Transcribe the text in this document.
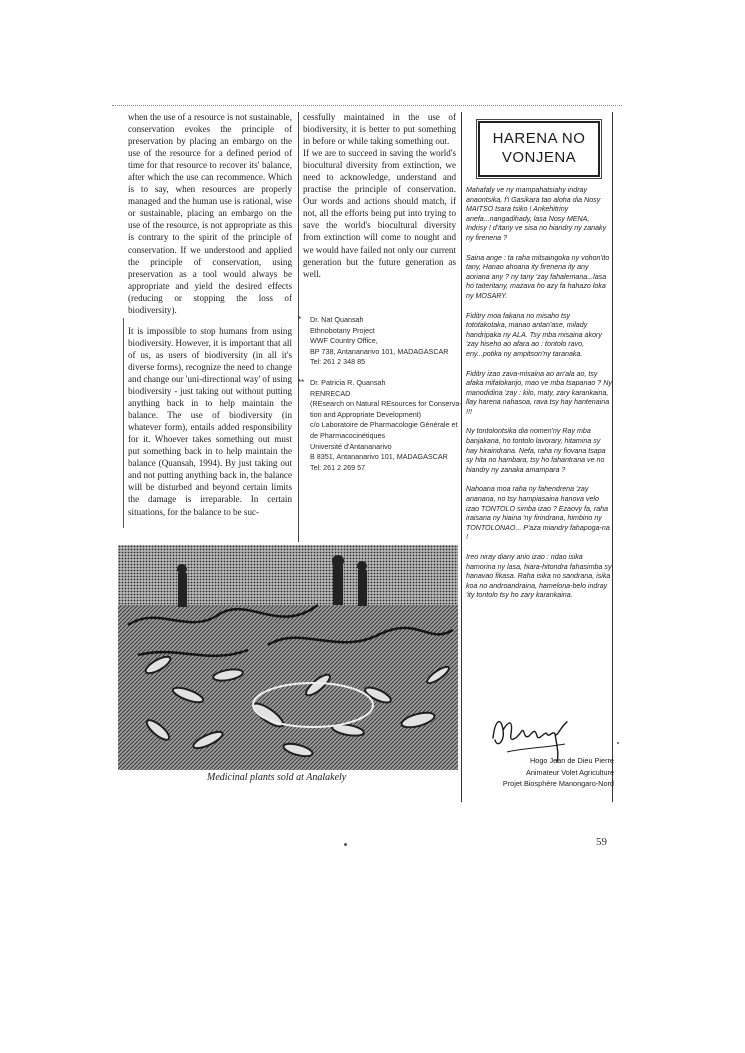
when the use of a resource is not sustainable, conservation evokes the principle of preservation by placing an embargo on the use of the resource for a defined period of time for that resource to recover its' balance, after which the use can recommence. Which is to say, when resources are properly managed and the human use is rational, wise or sustainable, placing an embargo on the use of the resource, is not appropriate as this is contrary to the spirit of the principle of conservation. If we understood and applied the principle of conservation, using preservation as a tool would always be appropriate and yield the desired effects (reducing or stopping the loss of biodiversity).

It is impossible to stop humans from using biodiversity. However, it is important that all of us, as users of biodiversity (in all it's diverse forms), recognize the need to change and change our 'uni-directional way' of using biodiversity - just taking out without putting anything back in to help maintain the balance. The use of biodiversity (in whatever form), entails added responsibility for it. Whoever takes something out must put something back in to help maintain the balance (Quansah, 1994). By just taking out and not putting anything back in, the balance will be disturbed and beyond certain limits the damage is irreparable. In certain situations, for the balance to be suc-

cessfully maintained in the use of biodiversity, it is better to put something in before or while taking something out.

If we are to succeed in saving the world's biocultural diversity from extinction, we need to acknowledge, understand and practise the principle of conservation. Our words and actions should match, if not, all the efforts being put into trying to save the world's biocultural diversity from extinction will come to nought and we would have failed not only our current generation but the future generation as well.

* Dr. Nat Quansah
Ethnobotany Project
WWF Country Office,
BP 738, Antananarivo 101, MADAGASCAR
Tel: 261 2 348 85
** Dr. Patricia R. Quansah
RENRECAD
(REsearch on Natural REsources for Conserva-
tion and Appropriate Development)
c/o Laboratoire de Pharmacologie Générale et
de Pharmacocinétiques
Université d'Antananarivo
B 8351, Antananarivo 101, MADAGASCAR
Tel: 261 2 269 57
HARENA NO
VONJENA

Mahafaly ve ny mampahatsiahy indray anaontsika, f'i Gasikara tao aloha dia Nosy MAITSO tsara tsiko ! Ankehitriny anefa...nangadihady, lasa Nosy MENA, Indrisy ! d'itany ve sisa no hiandry ny zanaky ny firenena ?

Saina ange : ta raha mitsaingoka ny vohon'ito tany, Hanao ahoana ity firenena ity any aoriana any ? ny tany 'zay fahalemana...lasa ho taiteritany, mazava ho azy fa hahazo loka ny MOSARY.

Fiditry moa fakana no misaho tsy tototakotaka, manao antan'ase, milady handripaka ny ALA. Tsy mba misaina akory 'zay hiseho ao afara ao : tontolo ravo, eny...potika ny ampitson'ny taranaka.

Fiditry izao zava-misaina ao an'ala ao, tsy afaka mifalokanjo, mao ve mba tsapanao ? Ny manodidina 'zay : kilo, maty, zary karankaina, llay harena nahasoa, rava tsy hay hantenaina !!!

Ny tontolontsika dia nomen'ny Ray mba banjakana, ho tontolo lavorary, hitamina sy hay hiraindrana. Nefa, raha ny fiovana tsapa sy hita no hambara, tsy ho fahantrana ve no hiandry ny zanaka amampara ?

Nahoana moa raha ny fahendrena 'zay ananana, no tsy hampiasaina hanova velo izao TONTOLO simba izao ? Ezaovy fa, raha iraisana ny hiaina 'ny firindrana, himbino ny TONTOLONAO... P'aza miandry fahapoga-na !

Ireo niray diany anio izao : ndao isika hamorina ny lasa, hiara-hitondra fahasimba sy hanavao fikasa. Raha isika no sandrana, isika koa no androandraina, hamelona-belo indray 'ity tontolo tsy ho zary karankaina.

Hogo Jean de Dieu Pierre
Animateur Volet Agriculture
Projet Biosphère Manongaro-Nord
Medicinal plants sold at Analakely
59
